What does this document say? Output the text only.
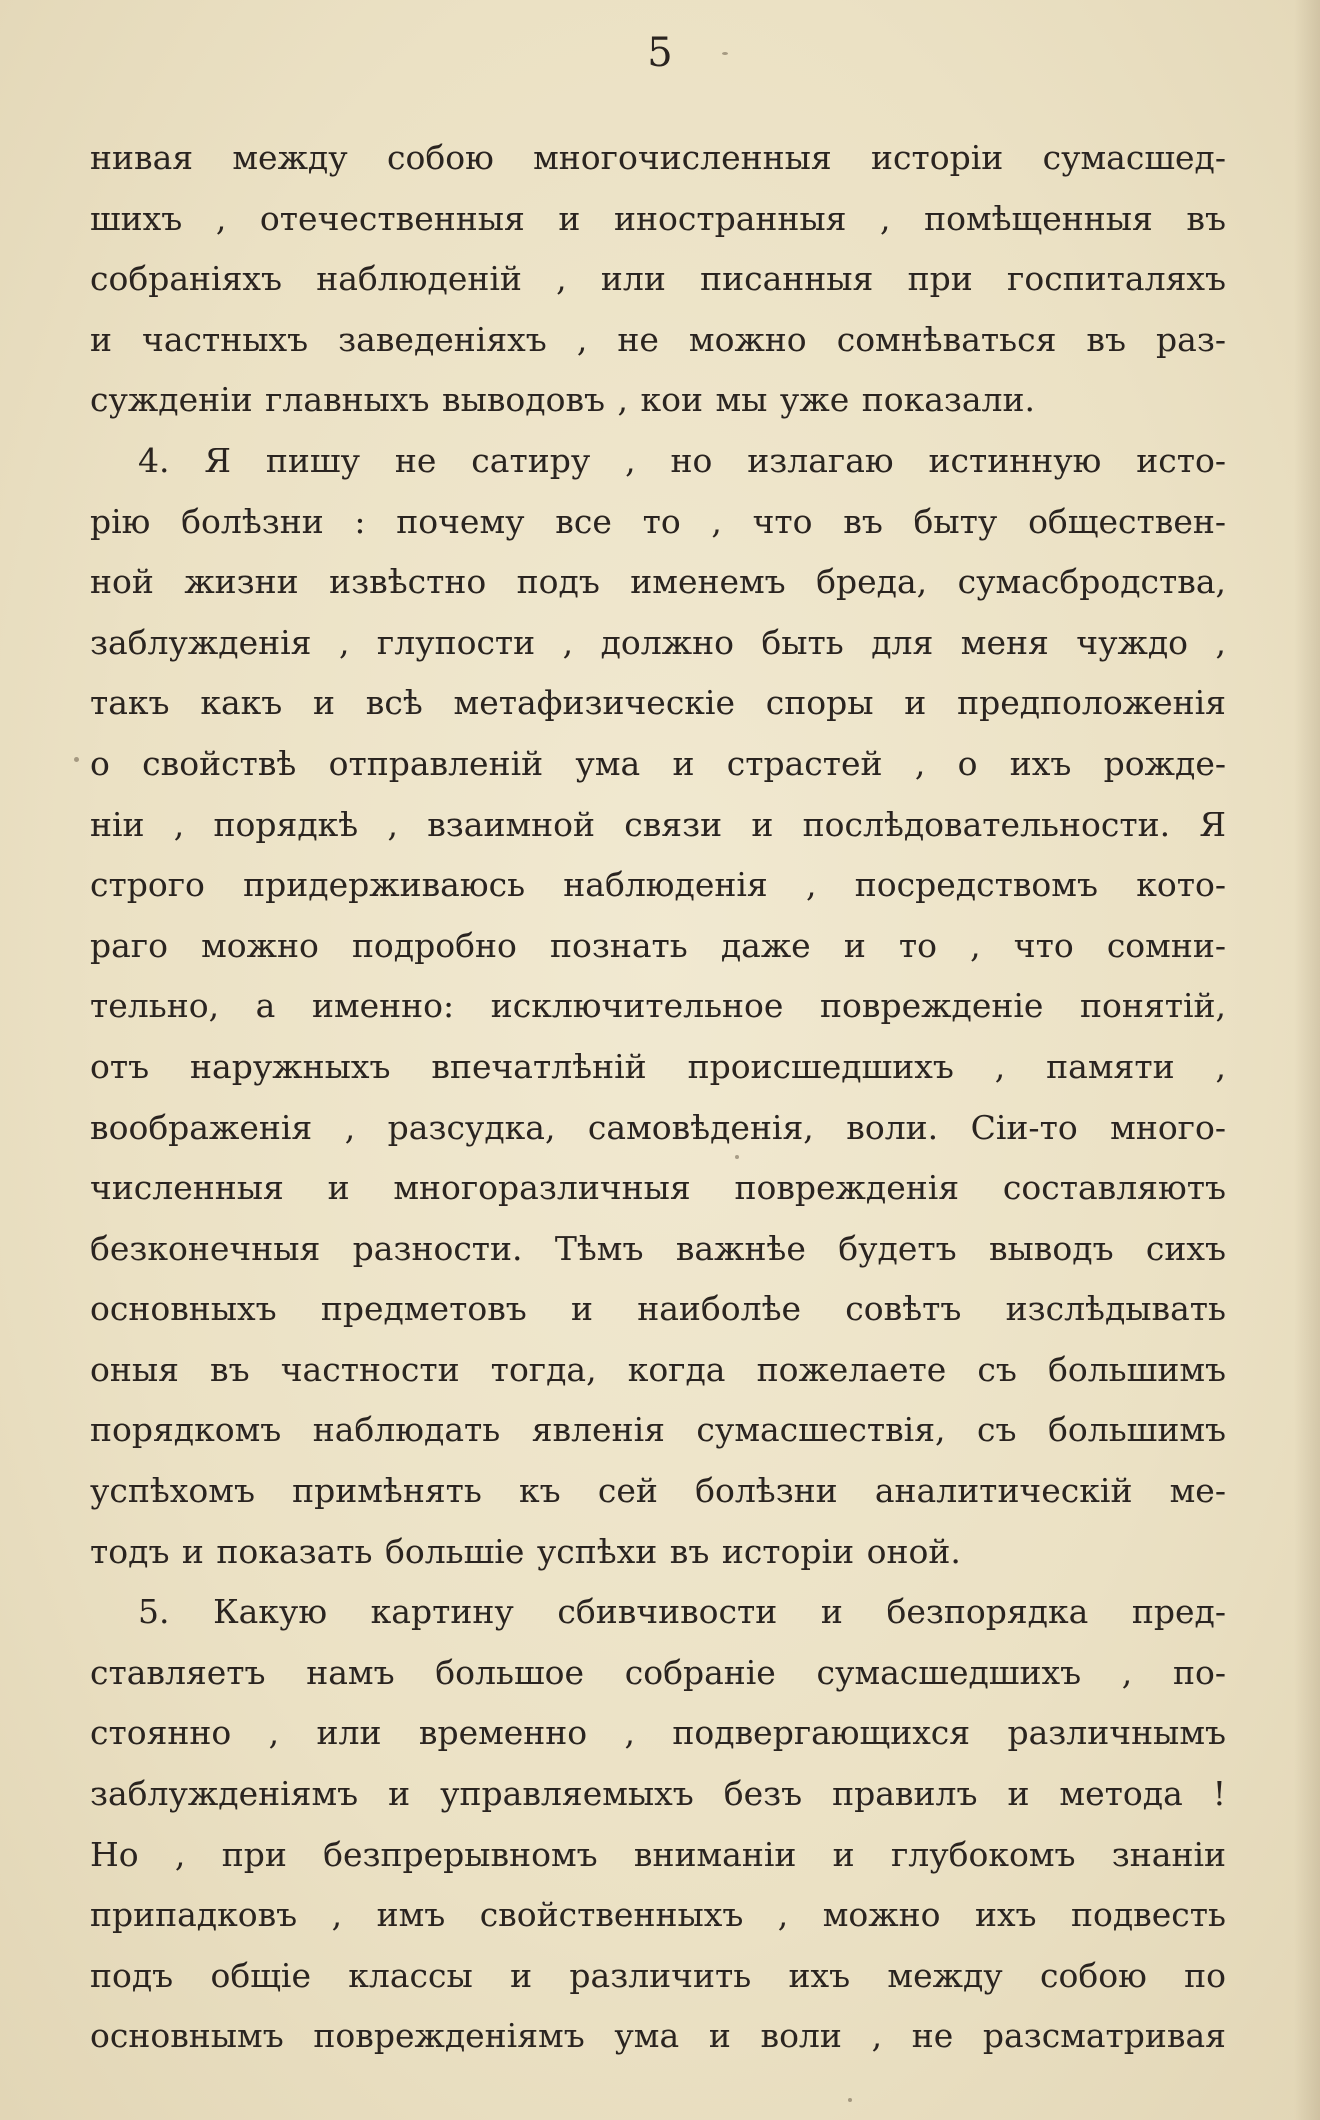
5
нивая между собою многочисленныя исторіи сумасшед-
шихъ , отечественныя и иностранныя , помѣщенныя въ
собраніяхъ наблюденій , или писанныя при госпиталяхъ
и частныхъ заведеніяхъ , не можно сомнѣваться въ раз-
сужденіи главныхъ выводовъ , кои мы уже показали.
4. Я пишу не сатиру , но излагаю истинную исто-
рію болѣзни : почему все то , что въ быту обществен-
ной жизни извѣстно подъ именемъ бреда, сумасбродства,
заблужденія , глупости , должно быть для меня чуждо ,
такъ какъ и всѣ метафизическіе споры и предположенія
о свойствѣ отправленій ума и страстей , о ихъ рожде-
ніи , порядкѣ , взаимной связи и послѣдовательности. Я
строго придерживаюсь наблюденія , посредствомъ кото-
раго можно подробно познать даже и то , что сомни-
тельно, а именно: исключительное поврежденіе понятій,
отъ наружныхъ впечатлѣній происшедшихъ , памяти ,
воображенія , разсудка, самовѣденія, воли. Сіи-то много-
численныя и многоразличныя поврежденія составляютъ
безконечныя разности. Тѣмъ важнѣе будетъ выводъ сихъ
основныхъ предметовъ и наиболѣе совѣтъ изслѣдывать
оныя въ частности тогда, когда пожелаете съ большимъ
порядкомъ наблюдать явленія сумасшествія, съ большимъ
успѣхомъ примѣнять къ сей болѣзни аналитическій ме-
тодъ и показать большіе успѣхи въ исторіи оной.
5. Какую картину сбивчивости и безпорядка пред-
ставляетъ намъ большое собраніе сумасшедшихъ , по-
стоянно , или временно , подвергающихся различнымъ
заблужденіямъ и управляемыхъ безъ правилъ и метода !
Но , при безпрерывномъ вниманіи и глубокомъ знаніи
припадковъ , имъ свойственныхъ , можно ихъ подвесть
подъ общіе классы и различить ихъ между собою по
основнымъ поврежденіямъ ума и воли , не разсматривая
